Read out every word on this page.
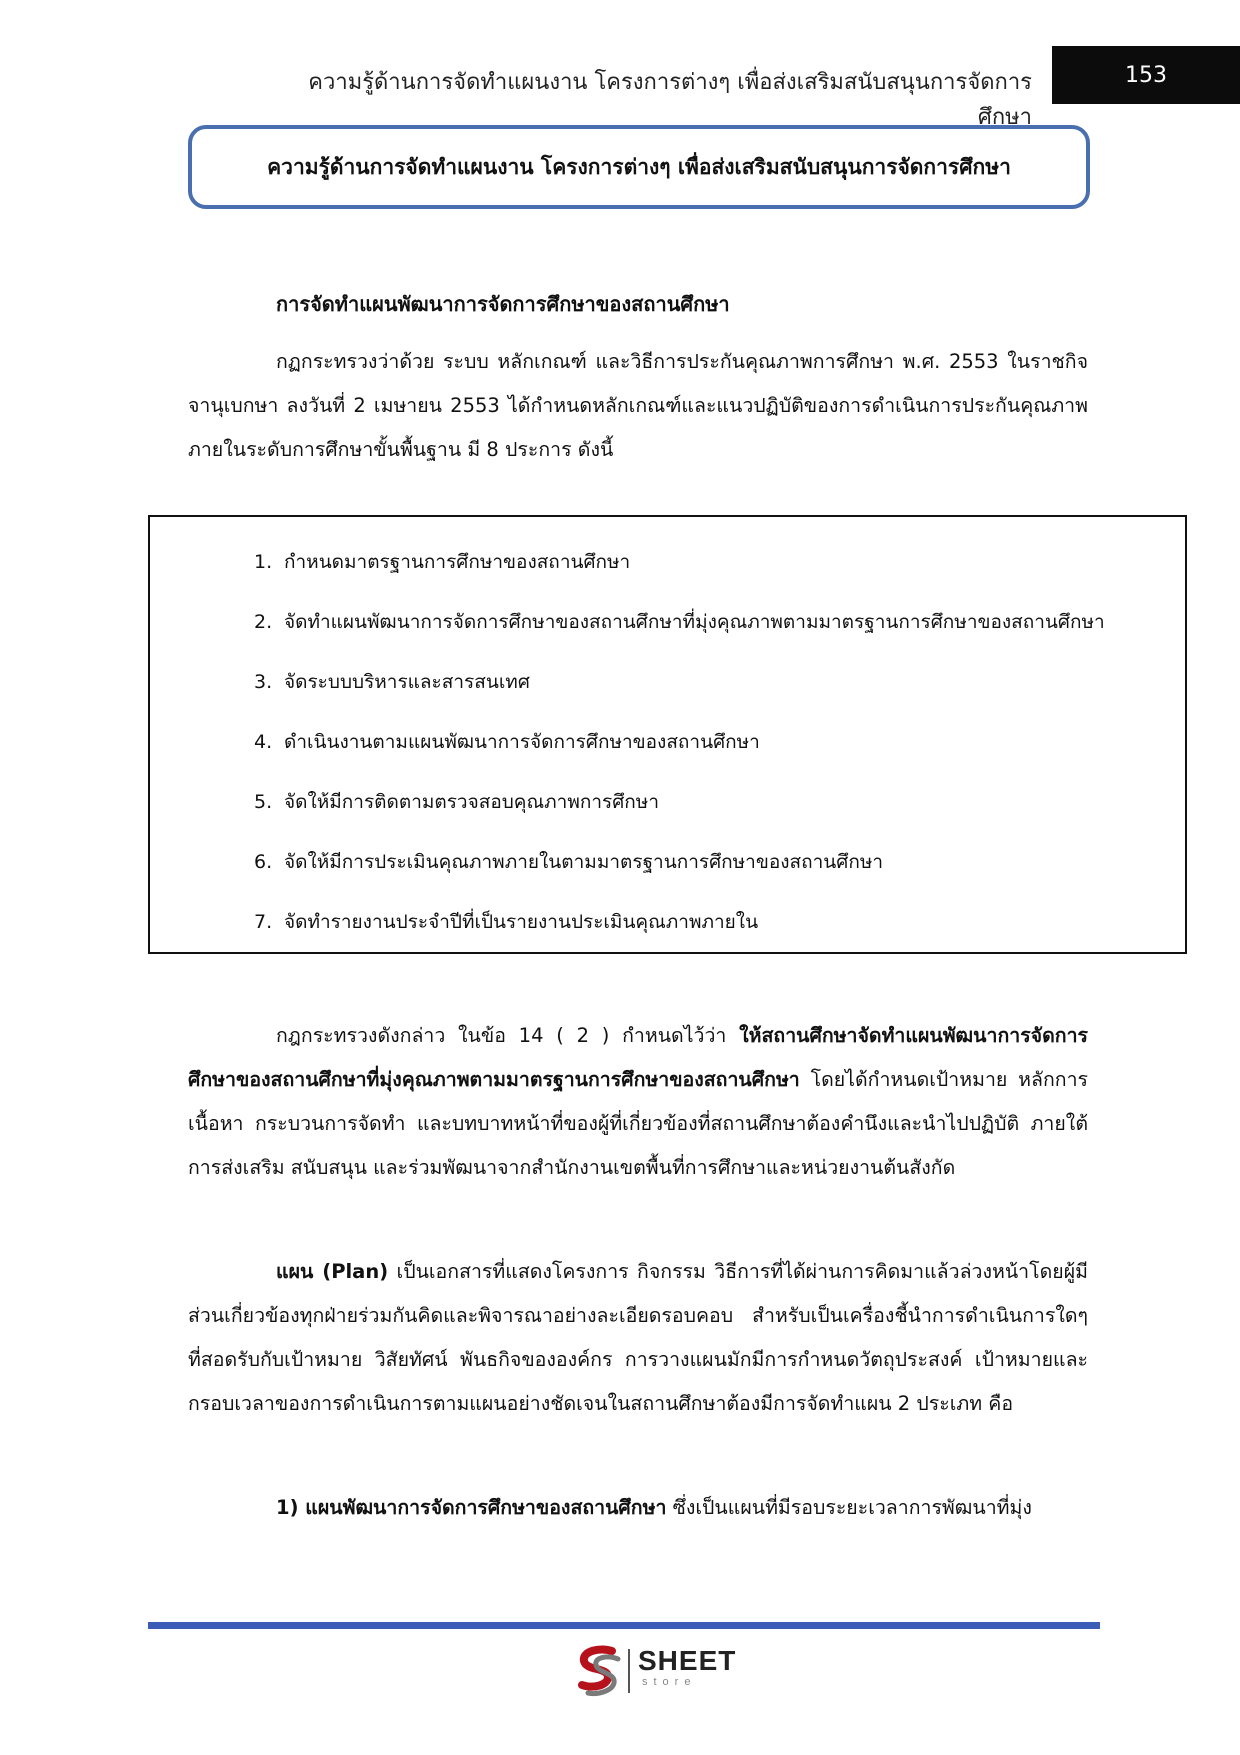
ความรู้ด้านการจัดทำแผนงาน โครงการต่างๆ เพื่อส่งเสริมสนับสนุนการจัดการศึกษา
153
ความรู้ด้านการจัดทำแผนงาน โครงการต่างๆ เพื่อส่งเสริมสนับสนุนการจัดการศึกษา
การจัดทำแผนพัฒนาการจัดการศึกษาของสถานศึกษา

กฏกระทรวงว่าด้วย ระบบ หลักเกณฑ์ และวิธีการประกันคุณภาพการศึกษา พ.ศ. 2553 ในราชกิจจานุเบกษา ลงวันที่ 2 เมษายน 2553 ได้กำหนดหลักเกณฑ์และแนวปฏิบัติของการดำเนินการประกันคุณภาพภายในระดับการศึกษาขั้นพื้นฐาน มี 8 ประการ ดังนี้

1. กำหนดมาตรฐานการศึกษาของสถานศึกษา
2. จัดทำแผนพัฒนาการจัดการศึกษาของสถานศึกษาที่มุ่งคุณภาพตามมาตรฐานการศึกษาของสถานศึกษา
3. จัดระบบบริหารและสารสนเทศ
4. ดำเนินงานตามแผนพัฒนาการจัดการศึกษาของสถานศึกษา
5. จัดให้มีการติดตามตรวจสอบคุณภาพการศึกษา
6. จัดให้มีการประเมินคุณภาพภายในตามมาตรฐานการศึกษาของสถานศึกษา
7. จัดทำรายงานประจำปีที่เป็นรายงานประเมินคุณภาพภายใน

กฎกระทรวงดังกล่าว ในข้อ 14 ( 2 ) กำหนดไว้ว่า ให้สถานศึกษาจัดทำแผนพัฒนาการจัดการศึกษาของสถานศึกษาที่มุ่งคุณภาพตามมาตรฐานการศึกษาของสถานศึกษา โดยได้กำหนดเป้าหมาย หลักการ เนื้อหา กระบวนการจัดทำ และบทบาทหน้าที่ของผู้ที่เกี่ยวข้องที่สถานศึกษาต้องคำนึงและนำไปปฏิบัติ ภายใต้การส่งเสริม สนับสนุน และร่วมพัฒนาจากสำนักงานเขตพื้นที่การศึกษาและหน่วยงานต้นสังกัด

แผน (Plan) เป็นเอกสารที่แสดงโครงการ กิจกรรม วิธีการที่ได้ผ่านการคิดมาแล้วล่วงหน้าโดยผู้มีส่วนเกี่ยวข้องทุกฝ่ายร่วมกันคิดและพิจารณาอย่างละเอียดรอบคอบ สำหรับเป็นเครื่องชี้นำการดำเนินการใดๆ ที่สอดรับกับเป้าหมาย วิสัยทัศน์ พันธกิจขององค์กร การวางแผนมักมีการกำหนดวัตถุประสงค์ เป้าหมายและกรอบเวลาของการดำเนินการตามแผนอย่างชัดเจนในสถานศึกษาต้องมีการจัดทำแผน 2 ประเภท คือ

1) แผนพัฒนาการจัดการศึกษาของสถานศึกษา ซึ่งเป็นแผนที่มีรอบระยะเวลาการพัฒนาที่มุ่ง

SHEET
store
